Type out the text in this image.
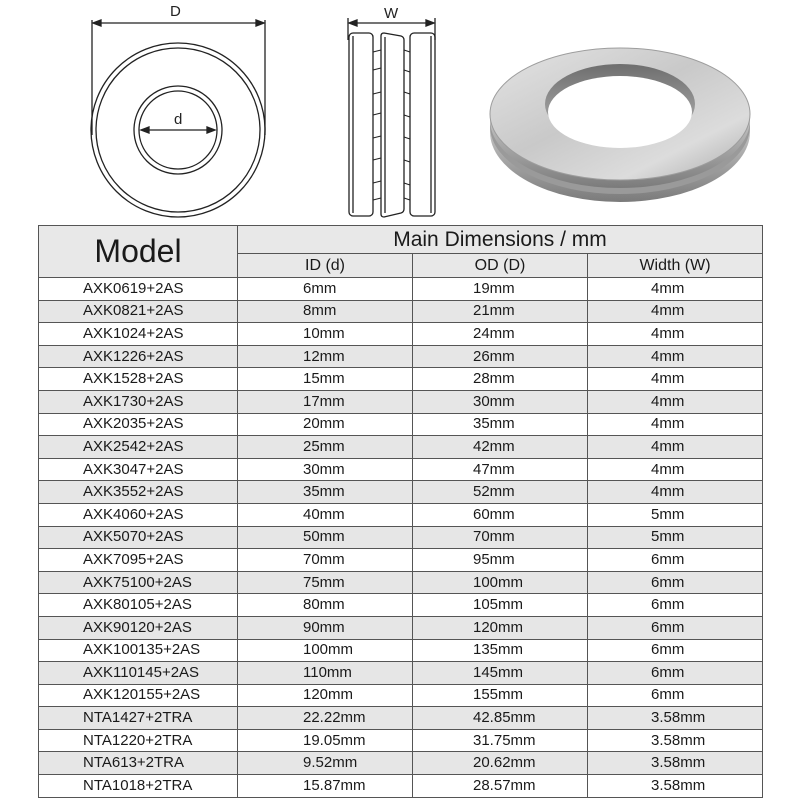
D
d
W
Model	Main Dimensions / mm		
	ID (d)	OD (D)	Width (W)
AXK0619+2AS	6mm	19mm	4mm
AXK0821+2AS	8mm	21mm	4mm
AXK1024+2AS	10mm	24mm	4mm
AXK1226+2AS	12mm	26mm	4mm
AXK1528+2AS	15mm	28mm	4mm
AXK1730+2AS	17mm	30mm	4mm
AXK2035+2AS	20mm	35mm	4mm
AXK2542+2AS	25mm	42mm	4mm
AXK3047+2AS	30mm	47mm	4mm
AXK3552+2AS	35mm	52mm	4mm
AXK4060+2AS	40mm	60mm	5mm
AXK5070+2AS	50mm	70mm	5mm
AXK7095+2AS	70mm	95mm	6mm
AXK75100+2AS	75mm	100mm	6mm
AXK80105+2AS	80mm	105mm	6mm
AXK90120+2AS	90mm	120mm	6mm
AXK100135+2AS	100mm	135mm	6mm
AXK110145+2AS	110mm	145mm	6mm
AXK120155+2AS	120mm	155mm	6mm
NTA1427+2TRA	22.22mm	42.85mm	3.58mm
NTA1220+2TRA	19.05mm	31.75mm	3.58mm
NTA613+2TRA	9.52mm	20.62mm	3.58mm
NTA1018+2TRA	15.87mm	28.57mm	3.58mm
